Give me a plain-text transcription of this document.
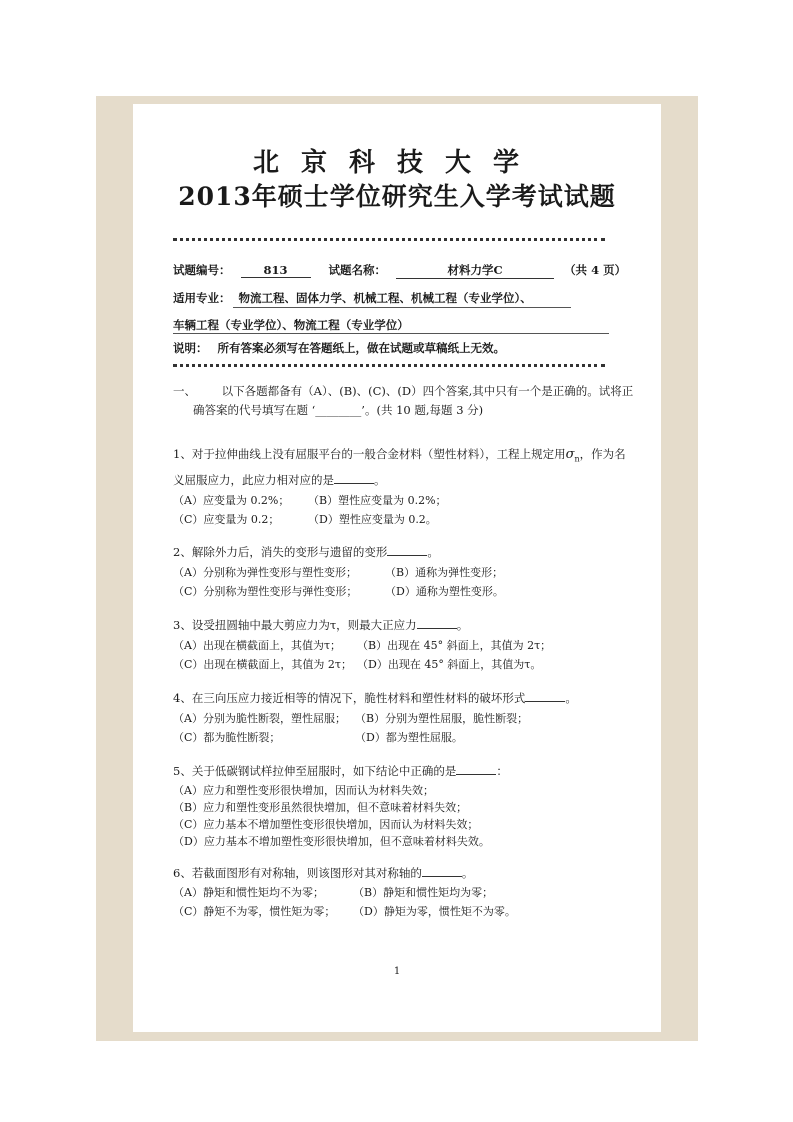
北京科技大学
2013年硕士学位研究生入学考试试题
试题编号：	813	试题名称：	材料力学C	（共 4 页）
适用专业： 物流工程、固体力学、机械工程、机械工程（专业学位）、
车辆工程（专业学位）、物流工程（专业学位）
说明： 所有答案必须写在答题纸上，做在试题或草稿纸上无效。
一、 以下各题都备有（A）、(B)、(C)、(D）四个答案,其中只有一个是正确的。试将正
确答案的代号填写在题 ‘________’。(共 10 题,每题 3 分)
1、对于拉伸曲线上没有屈服平台的一般合金材料（塑性材料），工程上规定用$\sigma_n$，作为名
义屈服应力，此应力相对应的是	。
（A）应变量为 0.2%； （B）塑性应变量为 0.2%；
（C）应变量为 0.2；	（D）塑性应变量为 0.2。
2、解除外力后，消失的变形与遗留的变形	。
（A）分别称为弹性变形与塑性变形；	（B）通称为弹性变形；
（C）分别称为塑性变形与弹性变形；	（D）通称为塑性变形。
3、设受扭圆轴中最大剪应力为τ，则最大正应力	。
（A）出现在横截面上，其值为τ； （B）出现在 45° 斜面上，其值为 2τ；
（C）出现在横截面上，其值为 2τ； （D）出现在 45° 斜面上，其值为τ。
4、在三向压应力接近相等的情况下，脆性材料和塑性材料的破坏形式	。
（A）分别为脆性断裂，塑性屈服； （B）分别为塑性屈服，脆性断裂；
（C）都为脆性断裂；	（D）都为塑性屈服。
5、关于低碳钢试样拉伸至屈服时，如下结论中正确的是	：
（A）应力和塑性变形很快增加，因而认为材料失效；
（B）应力和塑性变形虽然很快增加，但不意味着材料失效；
（C）应力基本不增加塑性变形很快增加，因而认为材料失效；
（D）应力基本不增加塑性变形很快增加，但不意味着材料失效。
6、若截面图形有对称轴，则该图形对其对称轴的	。
（A）静矩和惯性矩均不为零；	（B）静矩和惯性矩均为零；
（C）静矩不为零，惯性矩为零； （D）静矩为零，惯性矩不为零。
1
